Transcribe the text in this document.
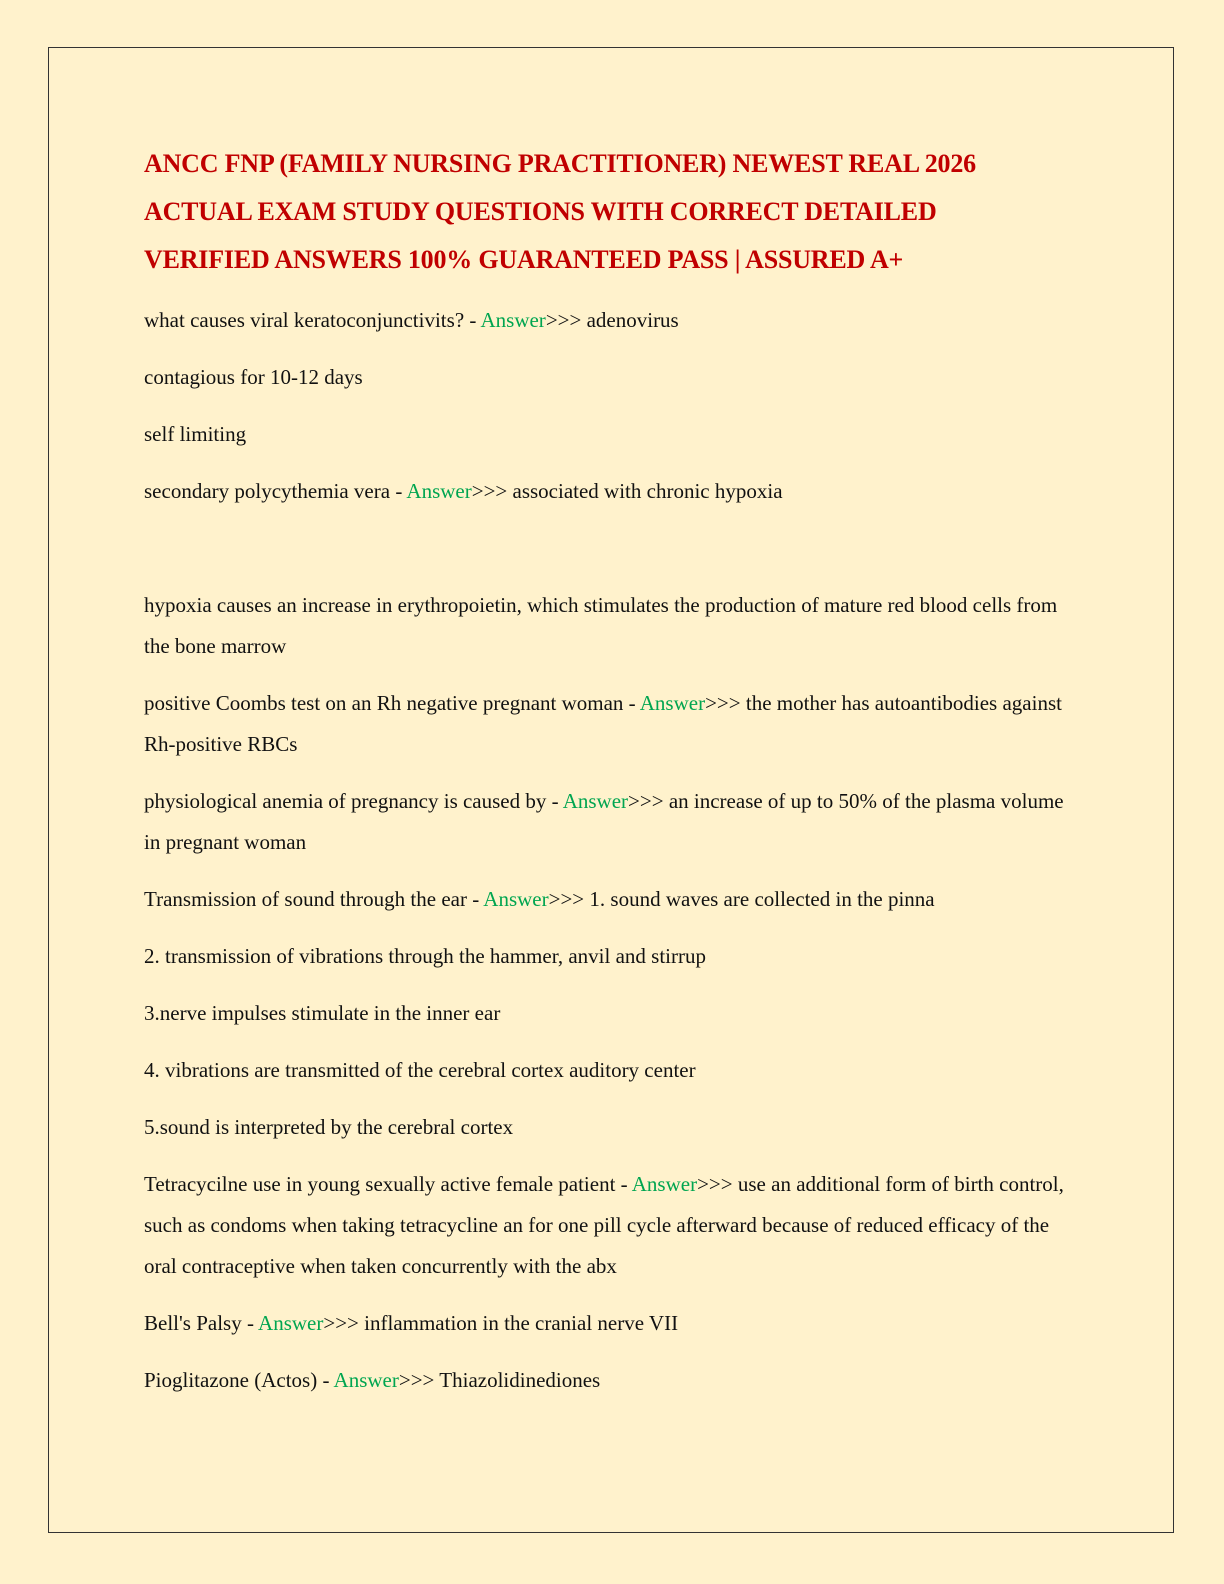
ANCC FNP (FAMILY NURSING PRACTITIONER) NEWEST REAL 2026
ACTUAL EXAM STUDY QUESTIONS WITH CORRECT DETAILED
VERIFIED ANSWERS 100% GUARANTEED PASS | ASSURED A+

what causes viral keratoconjunctivits? - Answer>>> adenovirus

contagious for 10-12 days

self limiting

secondary polycythemia vera - Answer>>> associated with chronic hypoxia

hypoxia causes an increase in erythropoietin, which stimulates the production of mature red blood cells from the bone marrow

positive Coombs test on an Rh negative pregnant woman - Answer>>> the mother has autoantibodies against Rh-positive RBCs

physiological anemia of pregnancy is caused by - Answer>>> an increase of up to 50% of the plasma volume in pregnant woman

Transmission of sound through the ear - Answer>>> 1. sound waves are collected in the pinna

2. transmission of vibrations through the hammer, anvil and stirrup

3.nerve impulses stimulate in the inner ear

4. vibrations are transmitted of the cerebral cortex auditory center

5.sound is interpreted by the cerebral cortex

Tetracycilne use in young sexually active female patient - Answer>>> use an additional form of birth control, such as condoms when taking tetracycline an for one pill cycle afterward because of reduced efficacy of the oral contraceptive when taken concurrently with the abx

Bell's Palsy - Answer>>> inflammation in the cranial nerve VII

Pioglitazone (Actos) - Answer>>> Thiazolidinediones
